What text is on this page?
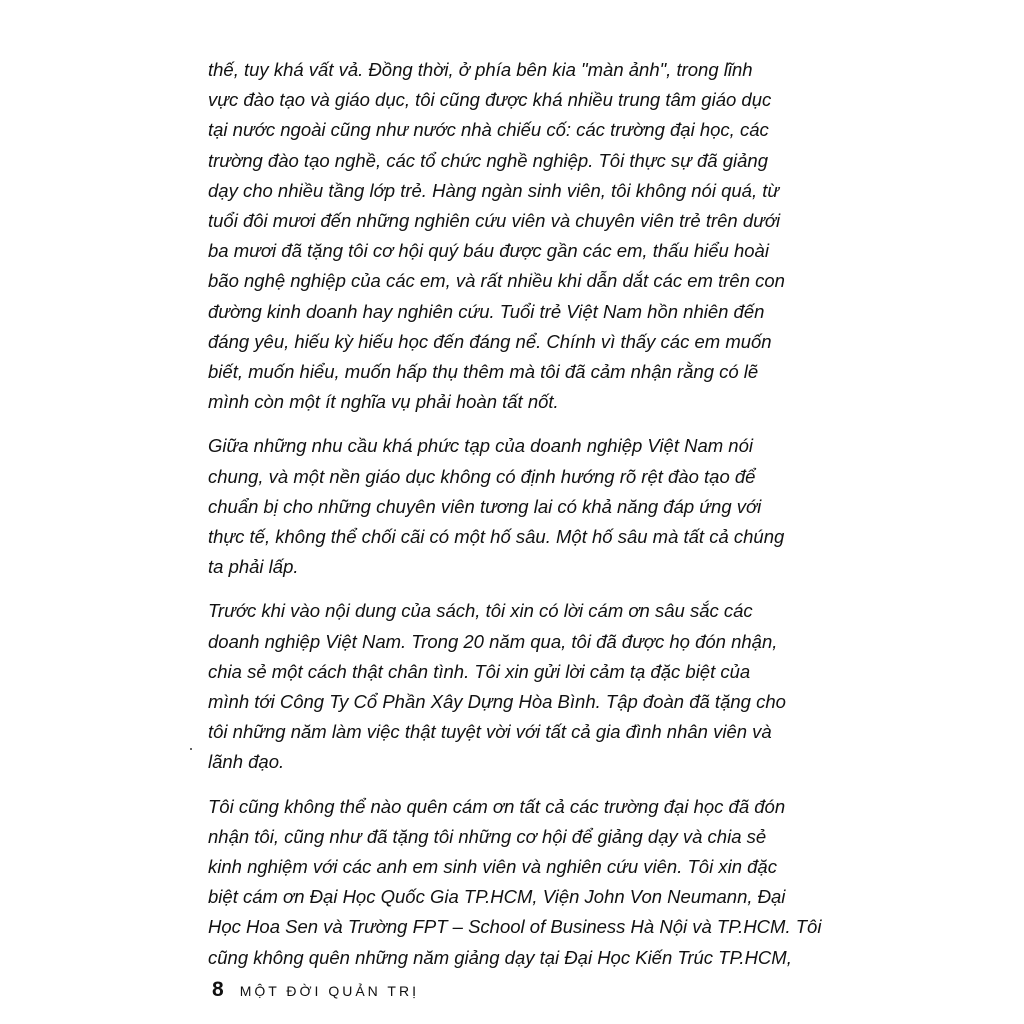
thế, tuy khá vất vả. Đồng thời, ở phía bên kia "màn ảnh", trong lĩnh
vực đào tạo và giáo dục, tôi cũng được khá nhiều trung tâm giáo dục
tại nước ngoài cũng như nước nhà chiếu cố: các trường đại học, các
trường đào tạo nghề, các tổ chức nghề nghiệp. Tôi thực sự đã giảng
dạy cho nhiều tầng lớp trẻ. Hàng ngàn sinh viên, tôi không nói quá, từ
tuổi đôi mươi đến những nghiên cứu viên và chuyên viên trẻ trên dưới
ba mươi đã tặng tôi cơ hội quý báu được gần các em, thấu hiểu hoài
bão nghệ nghiệp của các em, và rất nhiều khi dẫn dắt các em trên con
đường kinh doanh hay nghiên cứu. Tuổi trẻ Việt Nam hồn nhiên đến
đáng yêu, hiếu kỳ hiếu học đến đáng nể. Chính vì thấy các em muốn
biết, muốn hiểu, muốn hấp thụ thêm mà tôi đã cảm nhận rằng có lẽ
mình còn một ít nghĩa vụ phải hoàn tất nốt.

Giữa những nhu cầu khá phức tạp của doanh nghiệp Việt Nam nói
chung, và một nền giáo dục không có định hướng rõ rệt đào tạo để
chuẩn bị cho những chuyên viên tương lai có khả năng đáp ứng với
thực tế, không thể chối cãi có một hố sâu. Một hố sâu mà tất cả chúng
ta phải lấp.

Trước khi vào nội dung của sách, tôi xin có lời cám ơn sâu sắc các
doanh nghiệp Việt Nam. Trong 20 năm qua, tôi đã được họ đón nhận,
chia sẻ một cách thật chân tình. Tôi xin gửi lời cảm tạ đặc biệt của
mình tới Công Ty Cổ Phần Xây Dựng Hòa Bình. Tập đoàn đã tặng cho
tôi những năm làm việc thật tuyệt vời với tất cả gia đình nhân viên và
lãnh đạo.

Tôi cũng không thể nào quên cám ơn tất cả các trường đại học đã đón
nhận tôi, cũng như đã tặng tôi những cơ hội để giảng dạy và chia sẻ
kinh nghiệm với các anh em sinh viên và nghiên cứu viên. Tôi xin đặc
biệt cám ơn Đại Học Quốc Gia TP.HCM, Viện John Von Neumann, Đại
Học Hoa Sen và Trường FPT – School of Business Hà Nội và TP.HCM. Tôi
cũng không quên những năm giảng dạy tại Đại Học Kiến Trúc TP.HCM,

8 MỘT ĐỜI QUẢN TRỊ
